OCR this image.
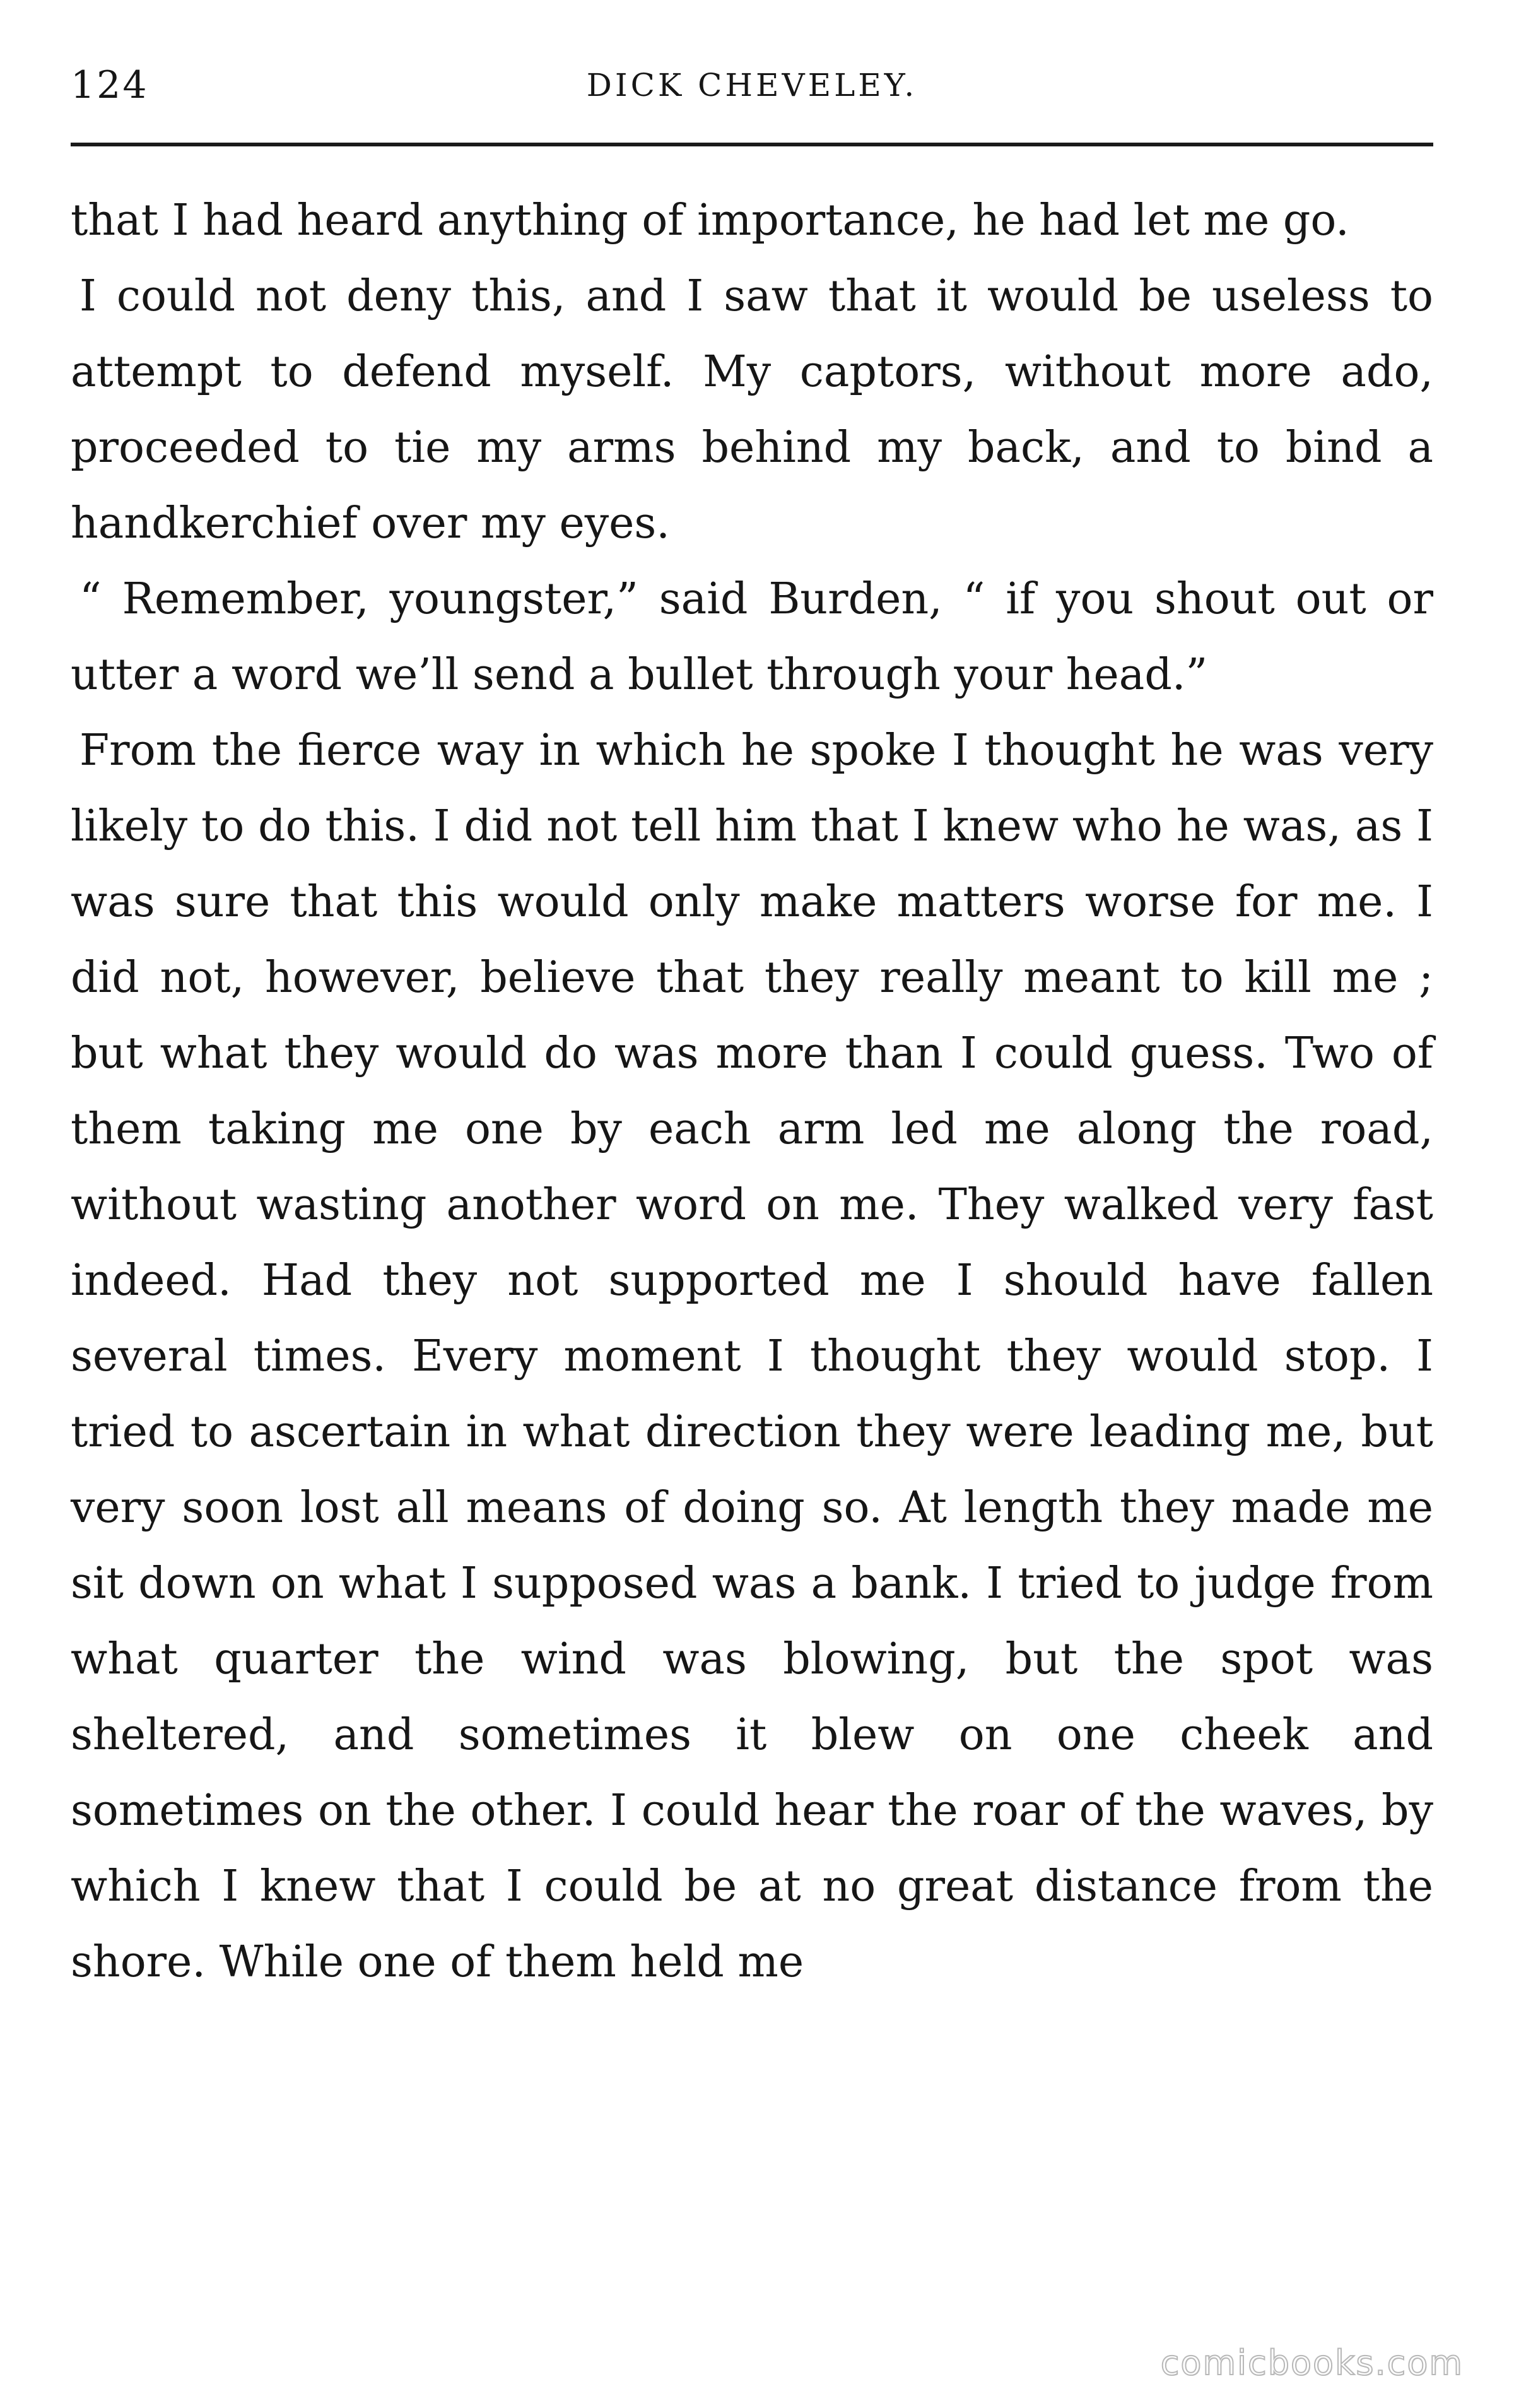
124	DICK CHEVELEY.

that I had heard anything of importance, he had let me go.

I could not deny this, and I saw that it would be useless to attempt to defend myself. My captors, without more ado, proceeded to tie my arms behind my back, and to bind a handkerchief over my eyes.

“ Remember, youngster,” said Burden, “ if you shout out or utter a word we’ll send a bullet through your head.”

From the fierce way in which he spoke I thought he was very likely to do this. I did not tell him that I knew who he was, as I was sure that this would only make matters worse for me. I did not, however, believe that they really meant to kill me ; but what they would do was more than I could guess. Two of them taking me one by each arm led me along the road, without wasting another word on me. They walked very fast indeed. Had they not supported me I should have fallen several times. Every moment I thought they would stop. I tried to ascertain in what direction they were leading me, but very soon lost all means of doing so. At length they made me sit down on what I supposed was a bank. I tried to judge from what quarter the wind was blowing, but the spot was sheltered, and sometimes it blew on one cheek and sometimes on the other. I could hear the roar of the waves, by which I knew that I could be at no great distance from the shore. While one of them held me

comicbooks.com
